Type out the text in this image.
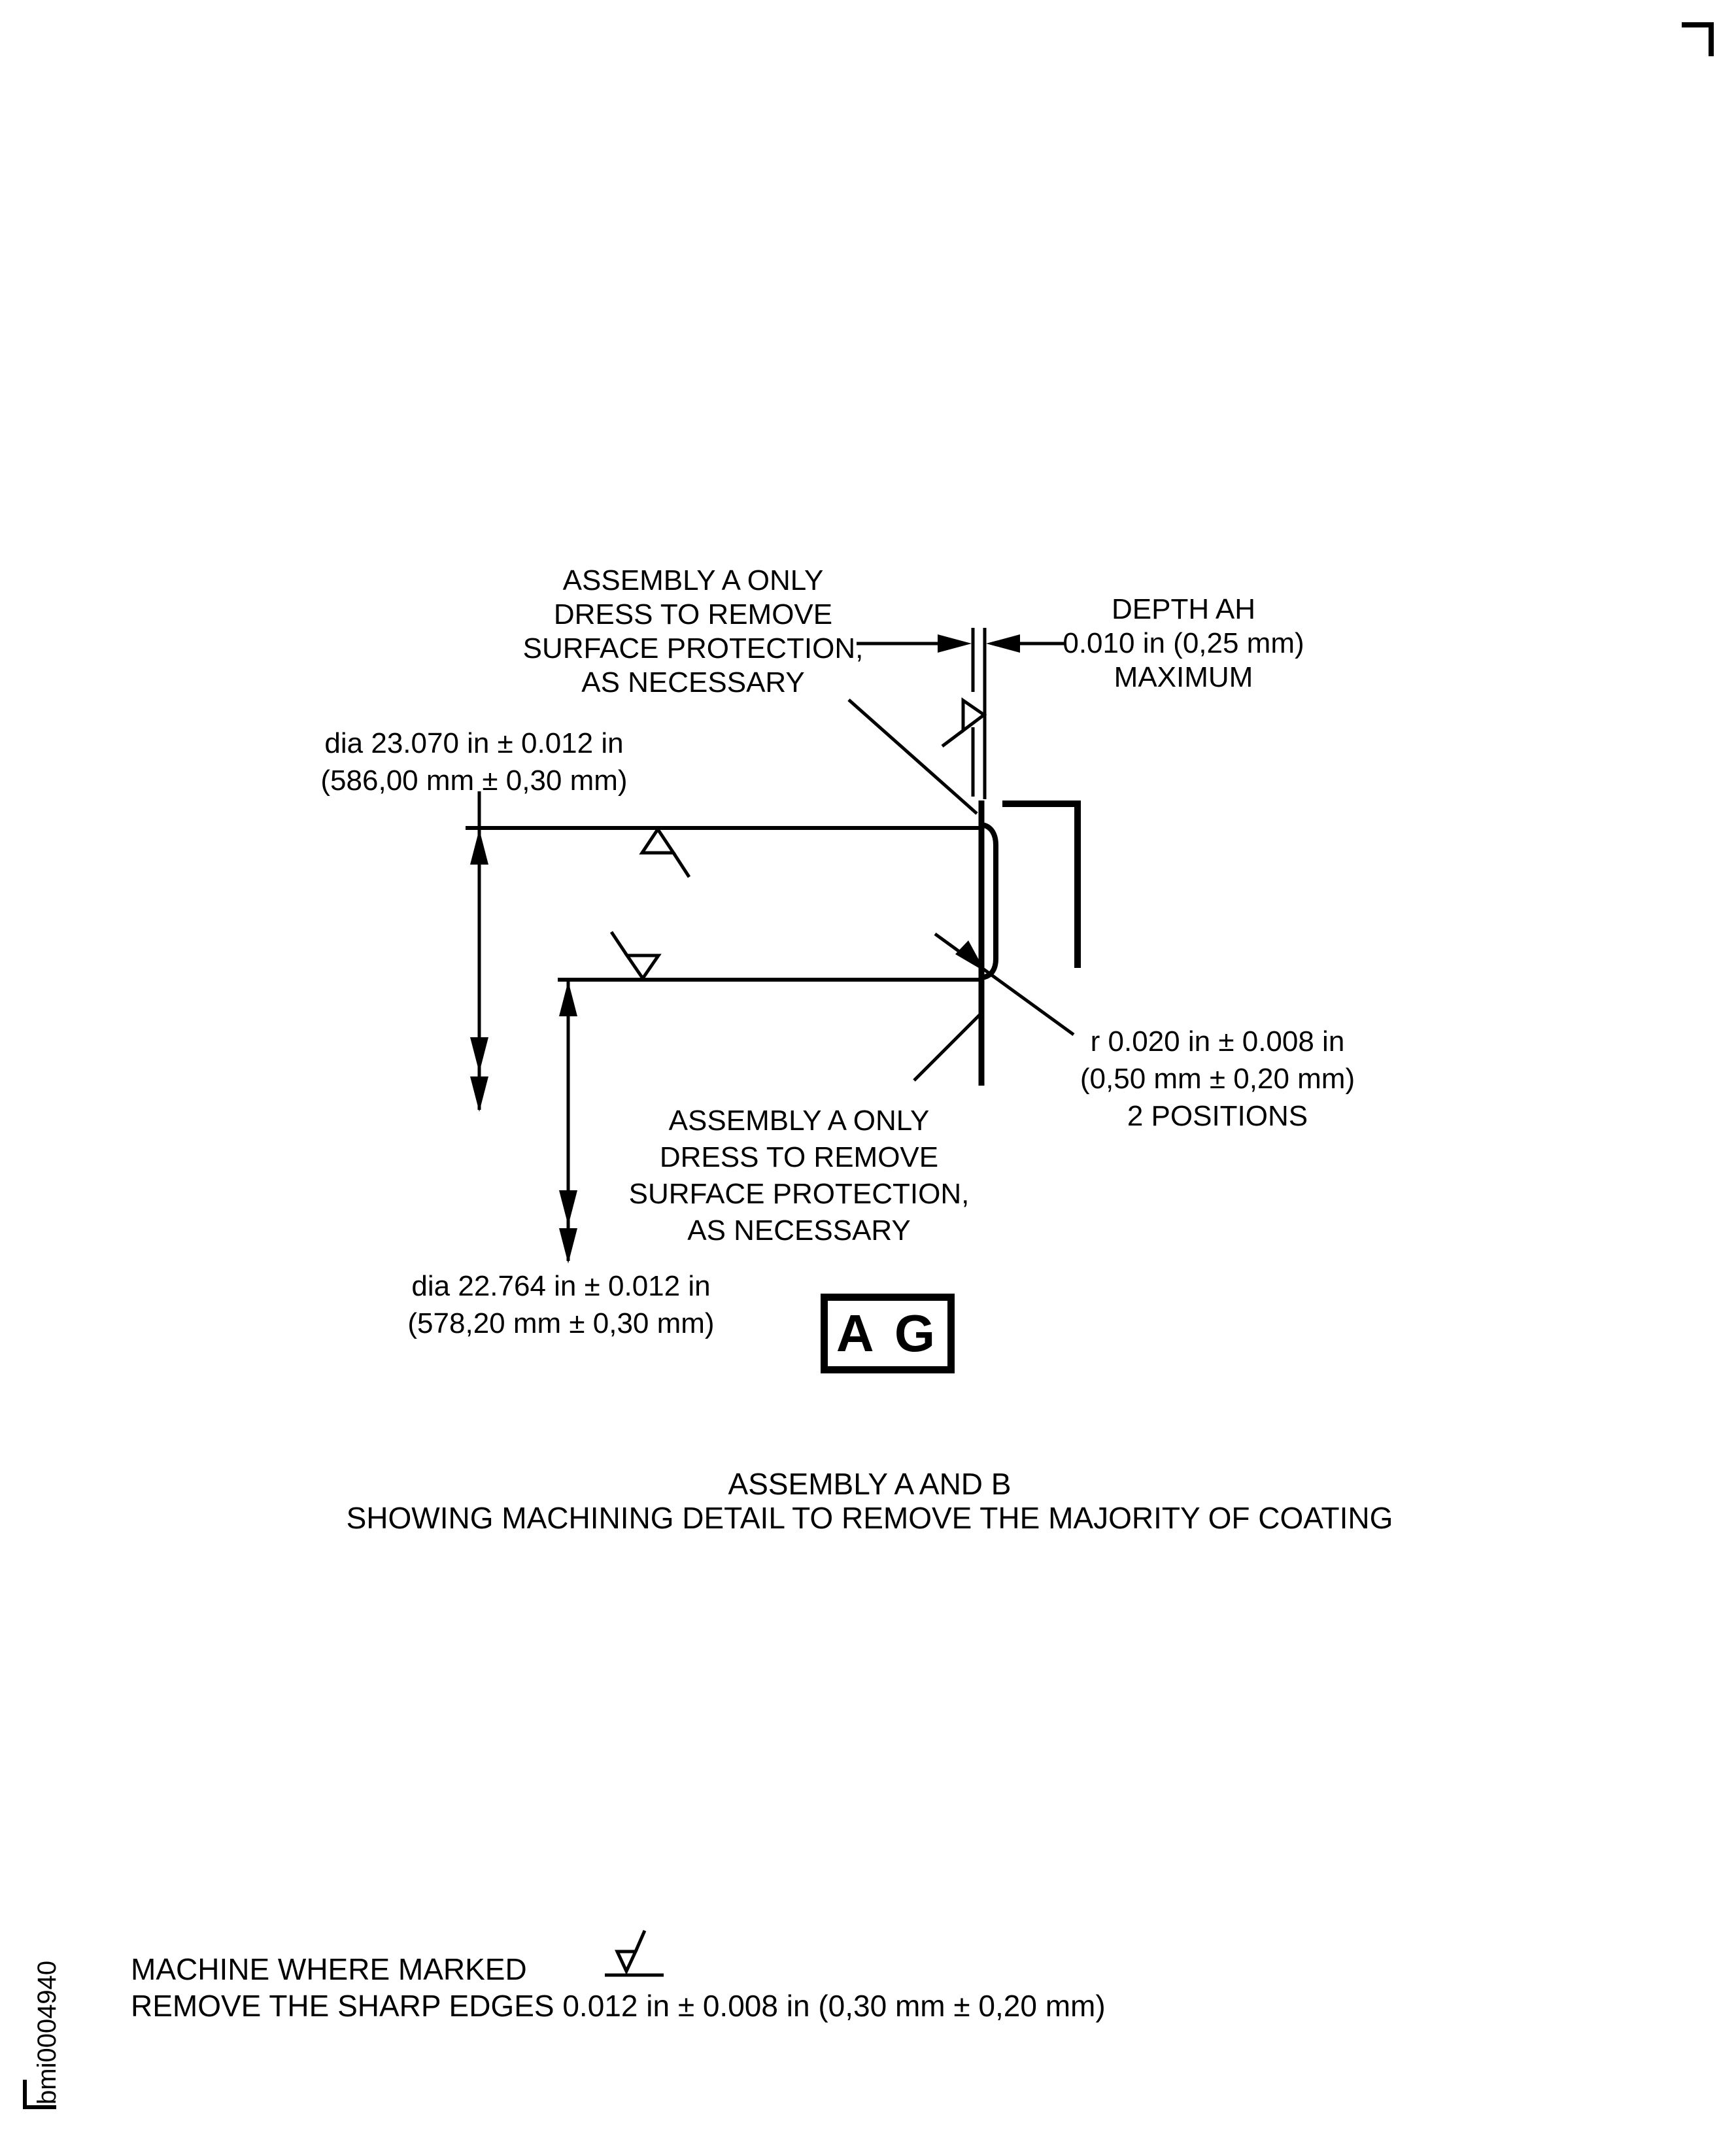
ASSEMBLY A ONLY
DRESS TO REMOVE
SURFACE PROTECTION,
AS NECESSARY
DEPTH AH
0.010 in (0,25 mm)
MAXIMUM
dia 23.070 in ± 0.012 in
(586,00 mm ± 0,30 mm)
dia 22.764 in ± 0.012 in
(578,20 mm ± 0,30 mm)
ASSEMBLY A ONLY
DRESS TO REMOVE
SURFACE PROTECTION,
AS NECESSARY
r 0.020 in ± 0.008 in
(0,50 mm ± 0,20 mm)
2 POSITIONS
A G
ASSEMBLY A AND B
SHOWING MACHINING DETAIL TO REMOVE THE MAJORITY OF COATING
MACHINE WHERE MARKED
REMOVE THE SHARP EDGES 0.012 in ± 0.008 in (0,30 mm ± 0,20 mm)
bmi0004940
